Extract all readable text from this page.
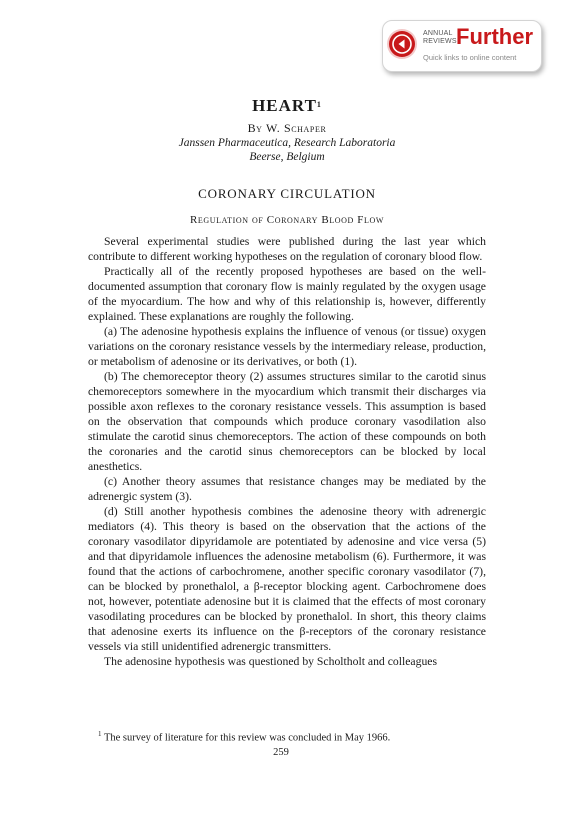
ANNUAL
REVIEWS Further
Quick links to online content
HEART$^1$
By W. Schaper
Janssen Pharmaceutica, Research Laboratoria
Beerse, Belgium
CORONARY CIRCULATION
Regulation of Coronary Blood Flow

Several experimental studies were published during the last year which contribute to different working hypotheses on the regulation of coronary blood flow.

Practically all of the recently proposed hypotheses are based on the well-documented assumption that coronary flow is mainly regulated by the oxygen usage of the myocardium. The how and why of this relationship is, however, differently explained. These explanations are roughly the following.

(a) The adenosine hypothesis explains the influence of venous (or tissue) oxygen variations on the coronary resistance vessels by the intermediary release, production, or metabolism of adenosine or its derivatives, or both (1).

(b) The chemoreceptor theory (2) assumes structures similar to the carotid sinus chemoreceptors somewhere in the myocardium which transmit their discharges via possible axon reflexes to the coronary resistance vessels. This assumption is based on the observation that compounds which produce coronary vasodilation also stimulate the carotid sinus chemoreceptors. The action of these compounds on both the coronaries and the carotid sinus chemoreceptors can be blocked by local anesthetics.

(c) Another theory assumes that resistance changes may be mediated by the adrenergic system (3).

(d) Still another hypothesis combines the adenosine theory with adrenergic mediators (4). This theory is based on the observation that the actions of the coronary vasodilator dipyridamole are potentiated by adenosine and vice versa (5) and that dipyridamole influences the adenosine metabolism (6). Furthermore, it was found that the actions of carbochromene, another specific coronary vasodilator (7), can be blocked by pronethalol, a β-receptor blocking agent. Carbochromene does not, however, potentiate adenosine but it is claimed that the effects of most coronary vasodilating procedures can be blocked by pronethalol. In short, this theory claims that adenosine exerts its influence on the β-receptors of the coronary resistance vessels via still unidentified adrenergic transmitters.

The adenosine hypothesis was questioned by Scholtholt and colleagues

$^1$ The survey of literature for this review was concluded in May 1966.
259
